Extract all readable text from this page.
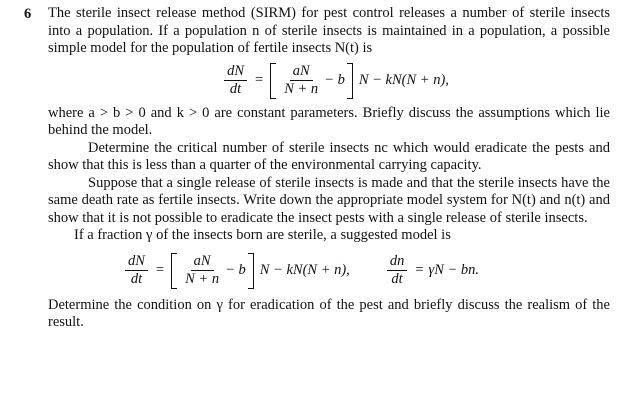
6 The sterile insect release method (SIRM) for pest control releases a number of sterile insects into a population. If a population n of sterile insects is maintained in a population, a possible simple model for the population of fertile insects N(t) is

$\frac{dN}{dt} = \frac{aN}{N + n} - b$ N − kN(N + n),

where a > b > 0 and k > 0 are constant parameters. Briefly discuss the assumptions which lie behind the model.

Determine the critical number of sterile insects nc which would eradicate the pests and show that this is less than a quarter of the environmental carrying capacity.

Suppose that a single release of sterile insects is made and that the sterile insects have the same death rate as fertile insects. Write down the appropriate model system for N(t) and n(t) and show that it is not possible to eradicate the insect pests with a single release of sterile insects.

If a fraction γ of the insects born are sterile, a suggested model is

$\frac{dN}{dt} = \frac{aN}{N + n} - b$ N − kN(N + n),	$\frac{dn}{dt} = \gamma N$ − bn.

Determine the condition on γ for eradication of the pest and briefly discuss the realism of the result.
